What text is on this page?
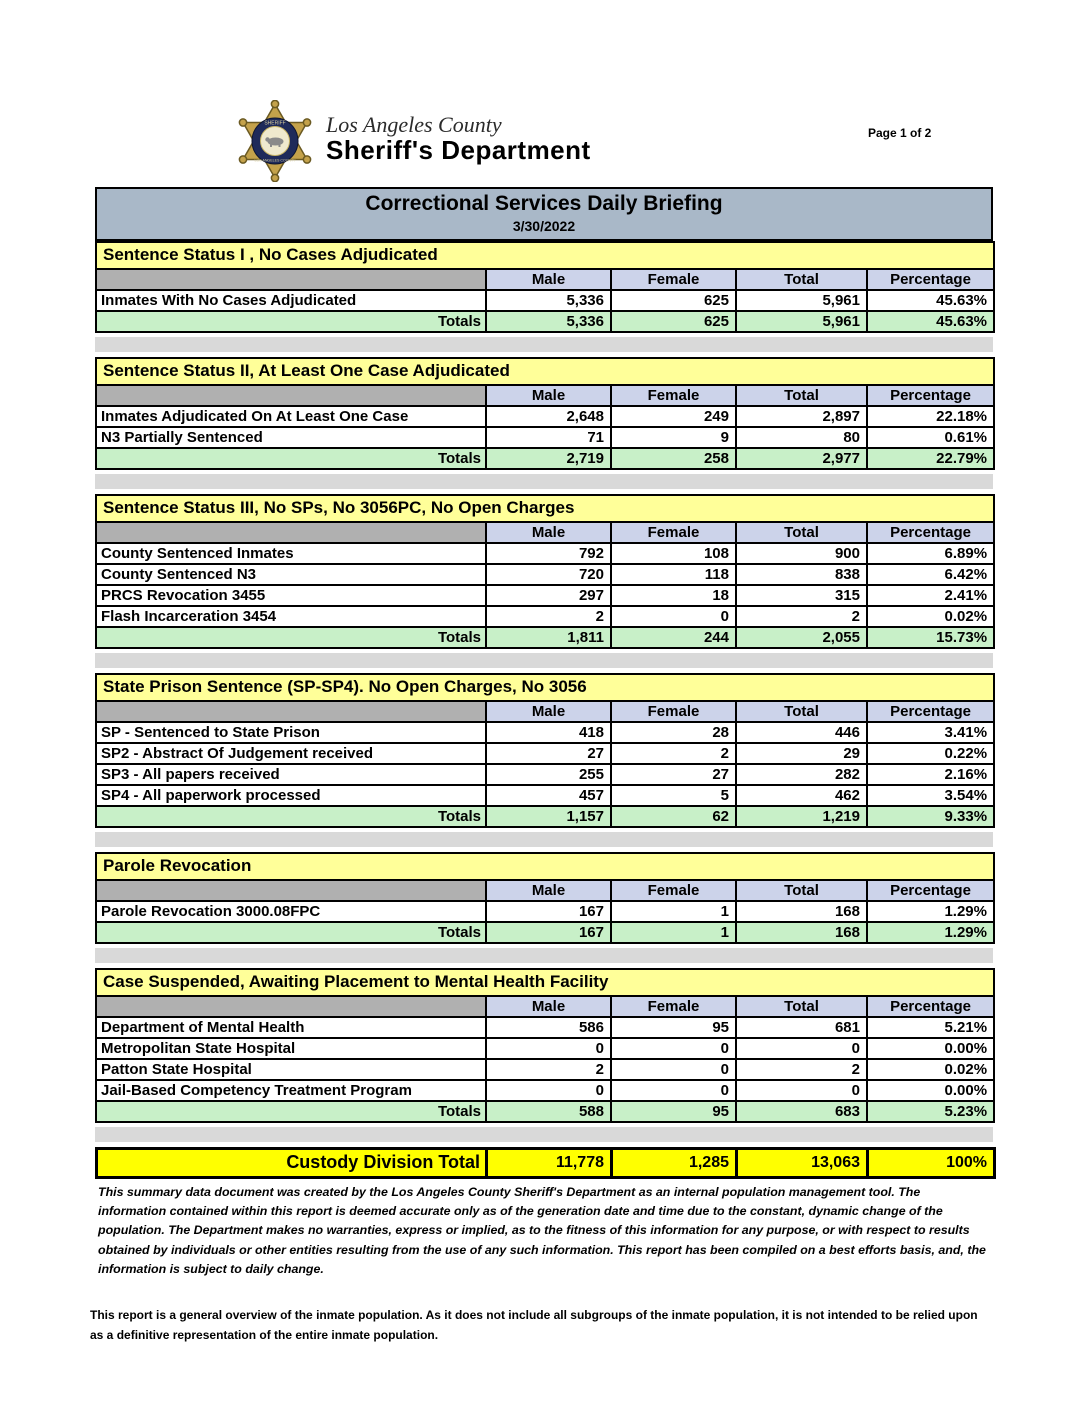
SHERIFF
LOS ANGELES COUNTY
Los Angeles County
Sheriff's Department
Page 1 of 2
Correctional Services Daily Briefing
3/30/2022
Sentence Status I , No Cases Adjudicated				
	Male	Female	Total	Percentage
Inmates With No Cases Adjudicated	5,336	625	5,961	45.63%
Totals	5,336	625	5,961	45.63%
Sentence Status II, At Least One Case Adjudicated				
	Male	Female	Total	Percentage
Inmates Adjudicated On At Least One Case	2,648	249	2,897	22.18%
N3 Partially Sentenced	71	9	80	0.61%
Totals	2,719	258	2,977	22.79%
Sentence Status III, No SPs, No 3056PC, No Open Charges				
	Male	Female	Total	Percentage
County Sentenced Inmates	792	108	900	6.89%
County Sentenced N3	720	118	838	6.42%
PRCS Revocation 3455	297	18	315	2.41%
Flash Incarceration 3454	2	0	2	0.02%
Totals	1,811	244	2,055	15.73%
State Prison Sentence (SP-SP4). No Open Charges, No 3056				
	Male	Female	Total	Percentage
SP - Sentenced to State Prison	418	28	446	3.41%
SP2 - Abstract Of Judgement received	27	2	29	0.22%
SP3 - All papers received	255	27	282	2.16%
SP4 - All paperwork processed	457	5	462	3.54%
Totals	1,157	62	1,219	9.33%
Parole Revocation				
	Male	Female	Total	Percentage
Parole Revocation 3000.08FPC	167	1	168	1.29%
Totals	167	1	168	1.29%
Case Suspended, Awaiting Placement to Mental Health Facility				
	Male	Female	Total	Percentage
Department of Mental Health	586	95	681	5.21%
Metropolitan State Hospital	0	0	0	0.00%
Patton State Hospital	2	0	2	0.02%
Jail-Based Competency Treatment Program	0	0	0	0.00%
Totals	588	95	683	5.23%
Custody Division Total	11,778	1,285	13,063	100%
This summary data document was created by the Los Angeles County Sheriff's Department as an internal population management tool. The information contained within this report is deemed accurate only as of the generation date and time due to the constant, dynamic change of the population. The Department makes no warranties, express or implied, as to the fitness of this information for any purpose, or with respect to results obtained by individuals or other entities resulting from the use of any such information. This report has been compiled on a best efforts basis, and, the information is subject to daily change.
This report is a general overview of the inmate population. As it does not include all subgroups of the inmate population, it is not intended to be relied upon as a definitive representation of the entire inmate population.
